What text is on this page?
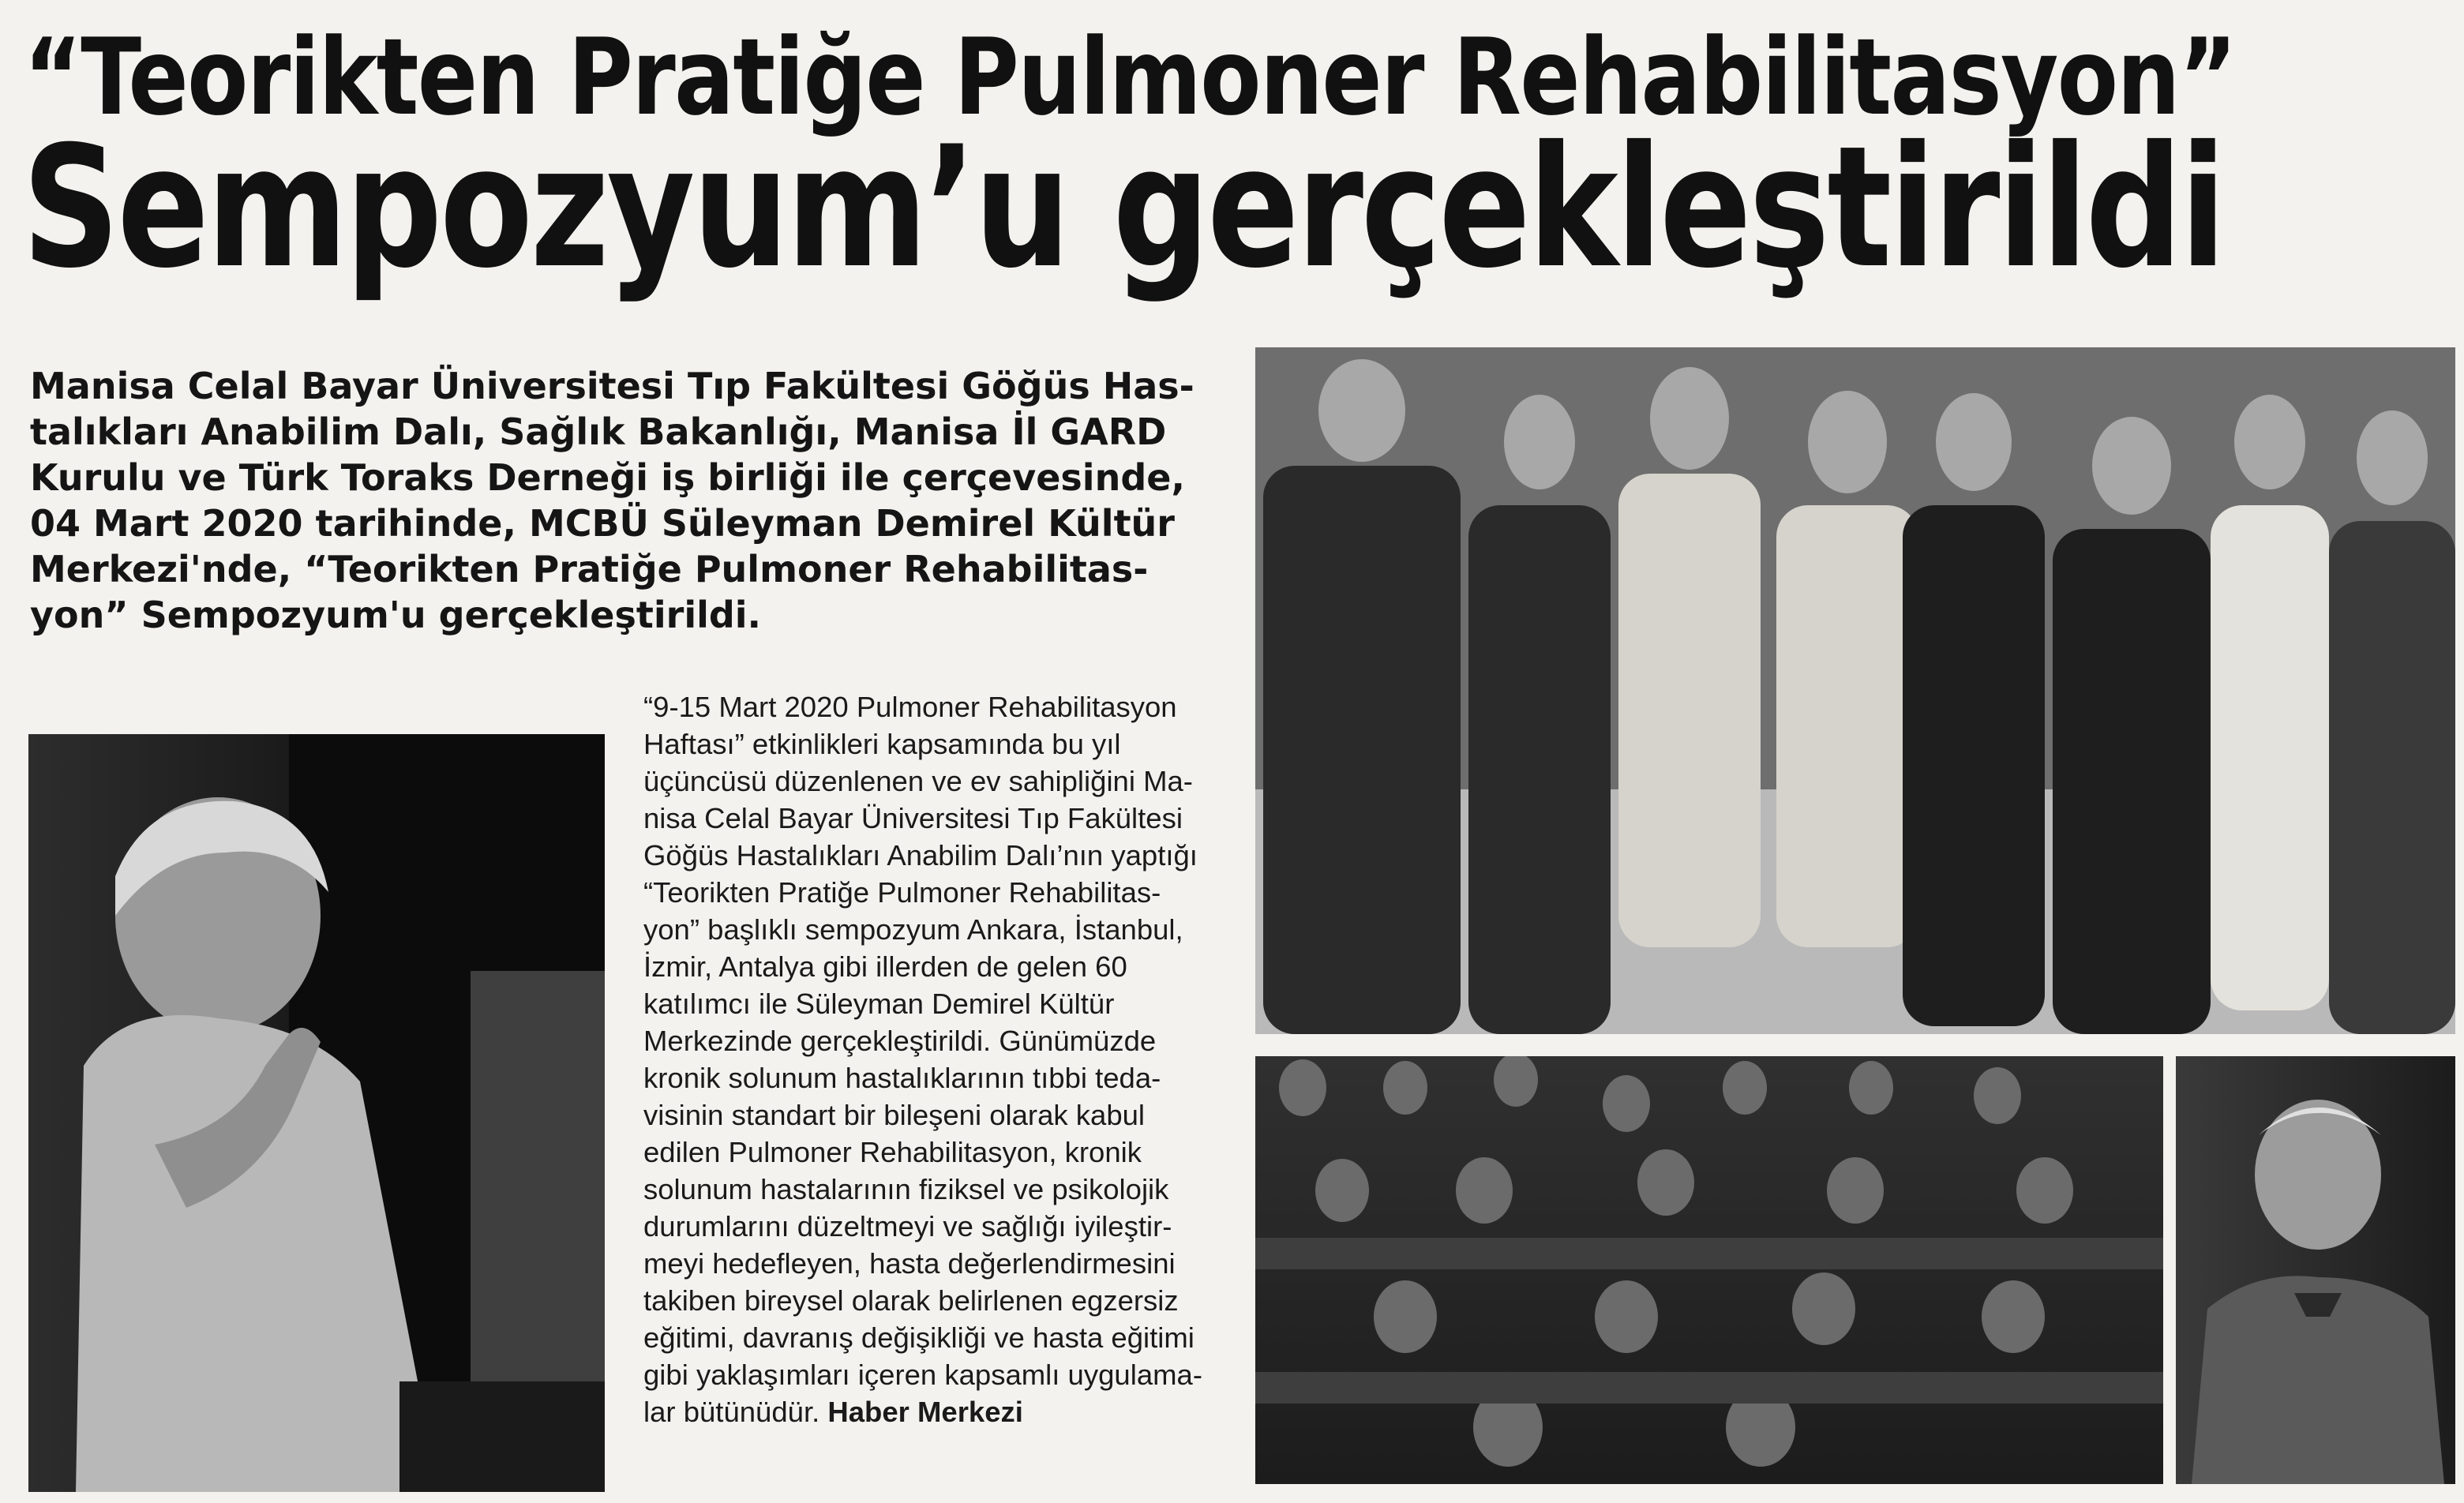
“Teorikten Pratiğe Pulmoner Rehabilitasyon”
Sempozyum’u gerçekleştirildi
Manisa Celal Bayar Üniversitesi Tıp Fakültesi Göğüs Has-
talıkları Anabilim Dalı, Sağlık Bakanlığı, Manisa İl GARD
Kurulu ve Türk Toraks Derneği iş birliği ile çerçevesinde,
04 Mart 2020 tarihinde, MCBÜ Süleyman Demirel Kültür
Merkezi'nde, “Teorikten Pratiğe Pulmoner Rehabilitas-
yon” Sempozyum'u gerçekleştirildi.
“9-15 Mart 2020 Pulmoner Rehabilitasyon
Haftası” etkinlikleri kapsamında bu yıl
üçüncüsü düzenlenen ve ev sahipliğini Ma-
nisa Celal Bayar Üniversitesi Tıp Fakültesi
Göğüs Hastalıkları Anabilim Dalı’nın yaptığı
“Teorikten Pratiğe Pulmoner Rehabilitas-
yon” başlıklı sempozyum Ankara, İstanbul,
İzmir, Antalya gibi illerden de gelen 60
katılımcı ile Süleyman Demirel Kültür
Merkezinde gerçekleştirildi. Günümüzde
kronik solunum hastalıklarının tıbbi teda-
visinin standart bir bileşeni olarak kabul
edilen Pulmoner Rehabilitasyon, kronik
solunum hastalarının fiziksel ve psikolojik
durumlarını düzeltmeyi ve sağlığı iyileştir-
meyi hedefleyen, hasta değerlendirmesini
takiben bireysel olarak belirlenen egzersiz
eğitimi, davranış değişikliği ve hasta eğitimi
gibi yaklaşımları içeren kapsamlı uygulama-
lar bütünüdür. Haber Merkezi
